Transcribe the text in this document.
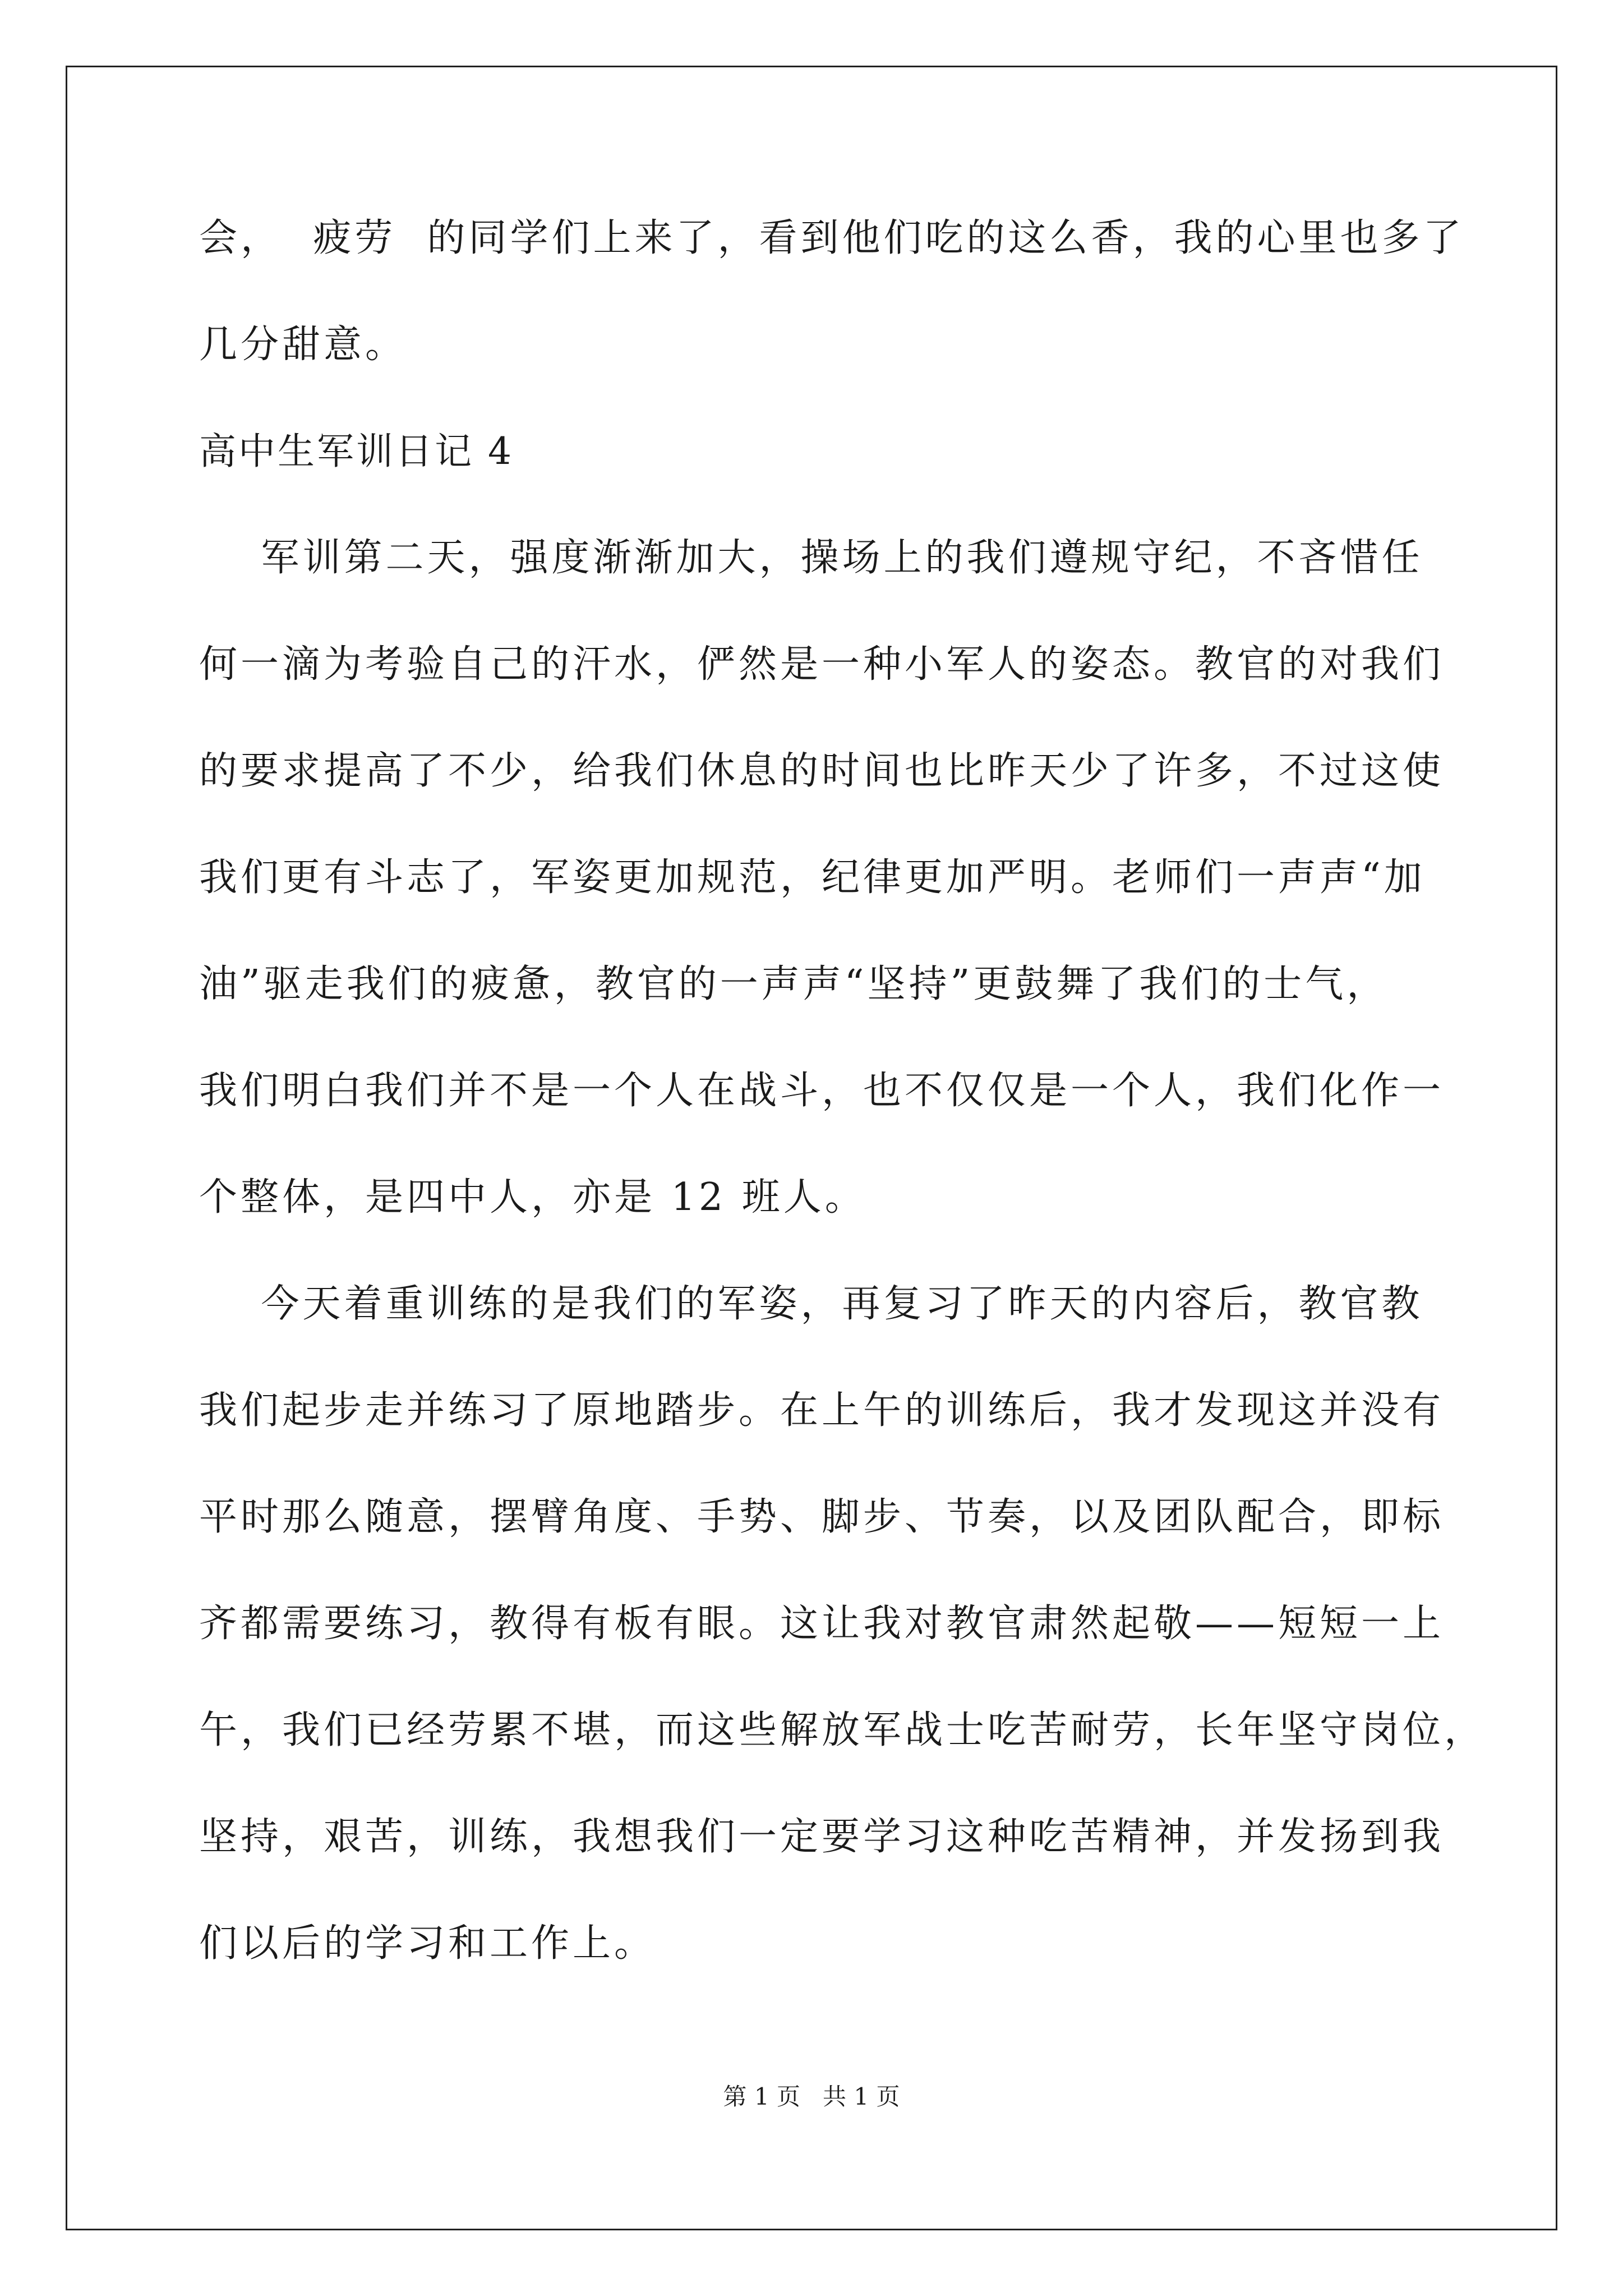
会，  疲劳  的同学们上来了，看到他们吃的这么香，我的心里也多了
几分甜意。
高中生军训日记 4
军训第二天，强度渐渐加大，操场上的我们遵规守纪，不吝惜任
何一滴为考验自己的汗水，俨然是一种小军人的姿态。教官的对我们
的要求提高了不少，给我们休息的时间也比昨天少了许多，不过这使
我们更有斗志了，军姿更加规范，纪律更加严明。老师们一声声“加
油”驱走我们的疲惫，教官的一声声“坚持”更鼓舞了我们的士气，
我们明白我们并不是一个人在战斗，也不仅仅是一个人，我们化作一
个整体，是四中人，亦是 12 班人。
今天着重训练的是我们的军姿，再复习了昨天的内容后，教官教
我们起步走并练习了原地踏步。在上午的训练后，我才发现这并没有
平时那么随意，摆臂角度、手势、脚步、节奏，以及团队配合，即标
齐都需要练习，教得有板有眼。这让我对教官肃然起敬——短短一上
午，我们已经劳累不堪，而这些解放军战士吃苦耐劳，长年坚守岗位，
坚持，艰苦，训练，我想我们一定要学习这种吃苦精神，并发扬到我
们以后的学习和工作上。
第 1 页   共 1 页
